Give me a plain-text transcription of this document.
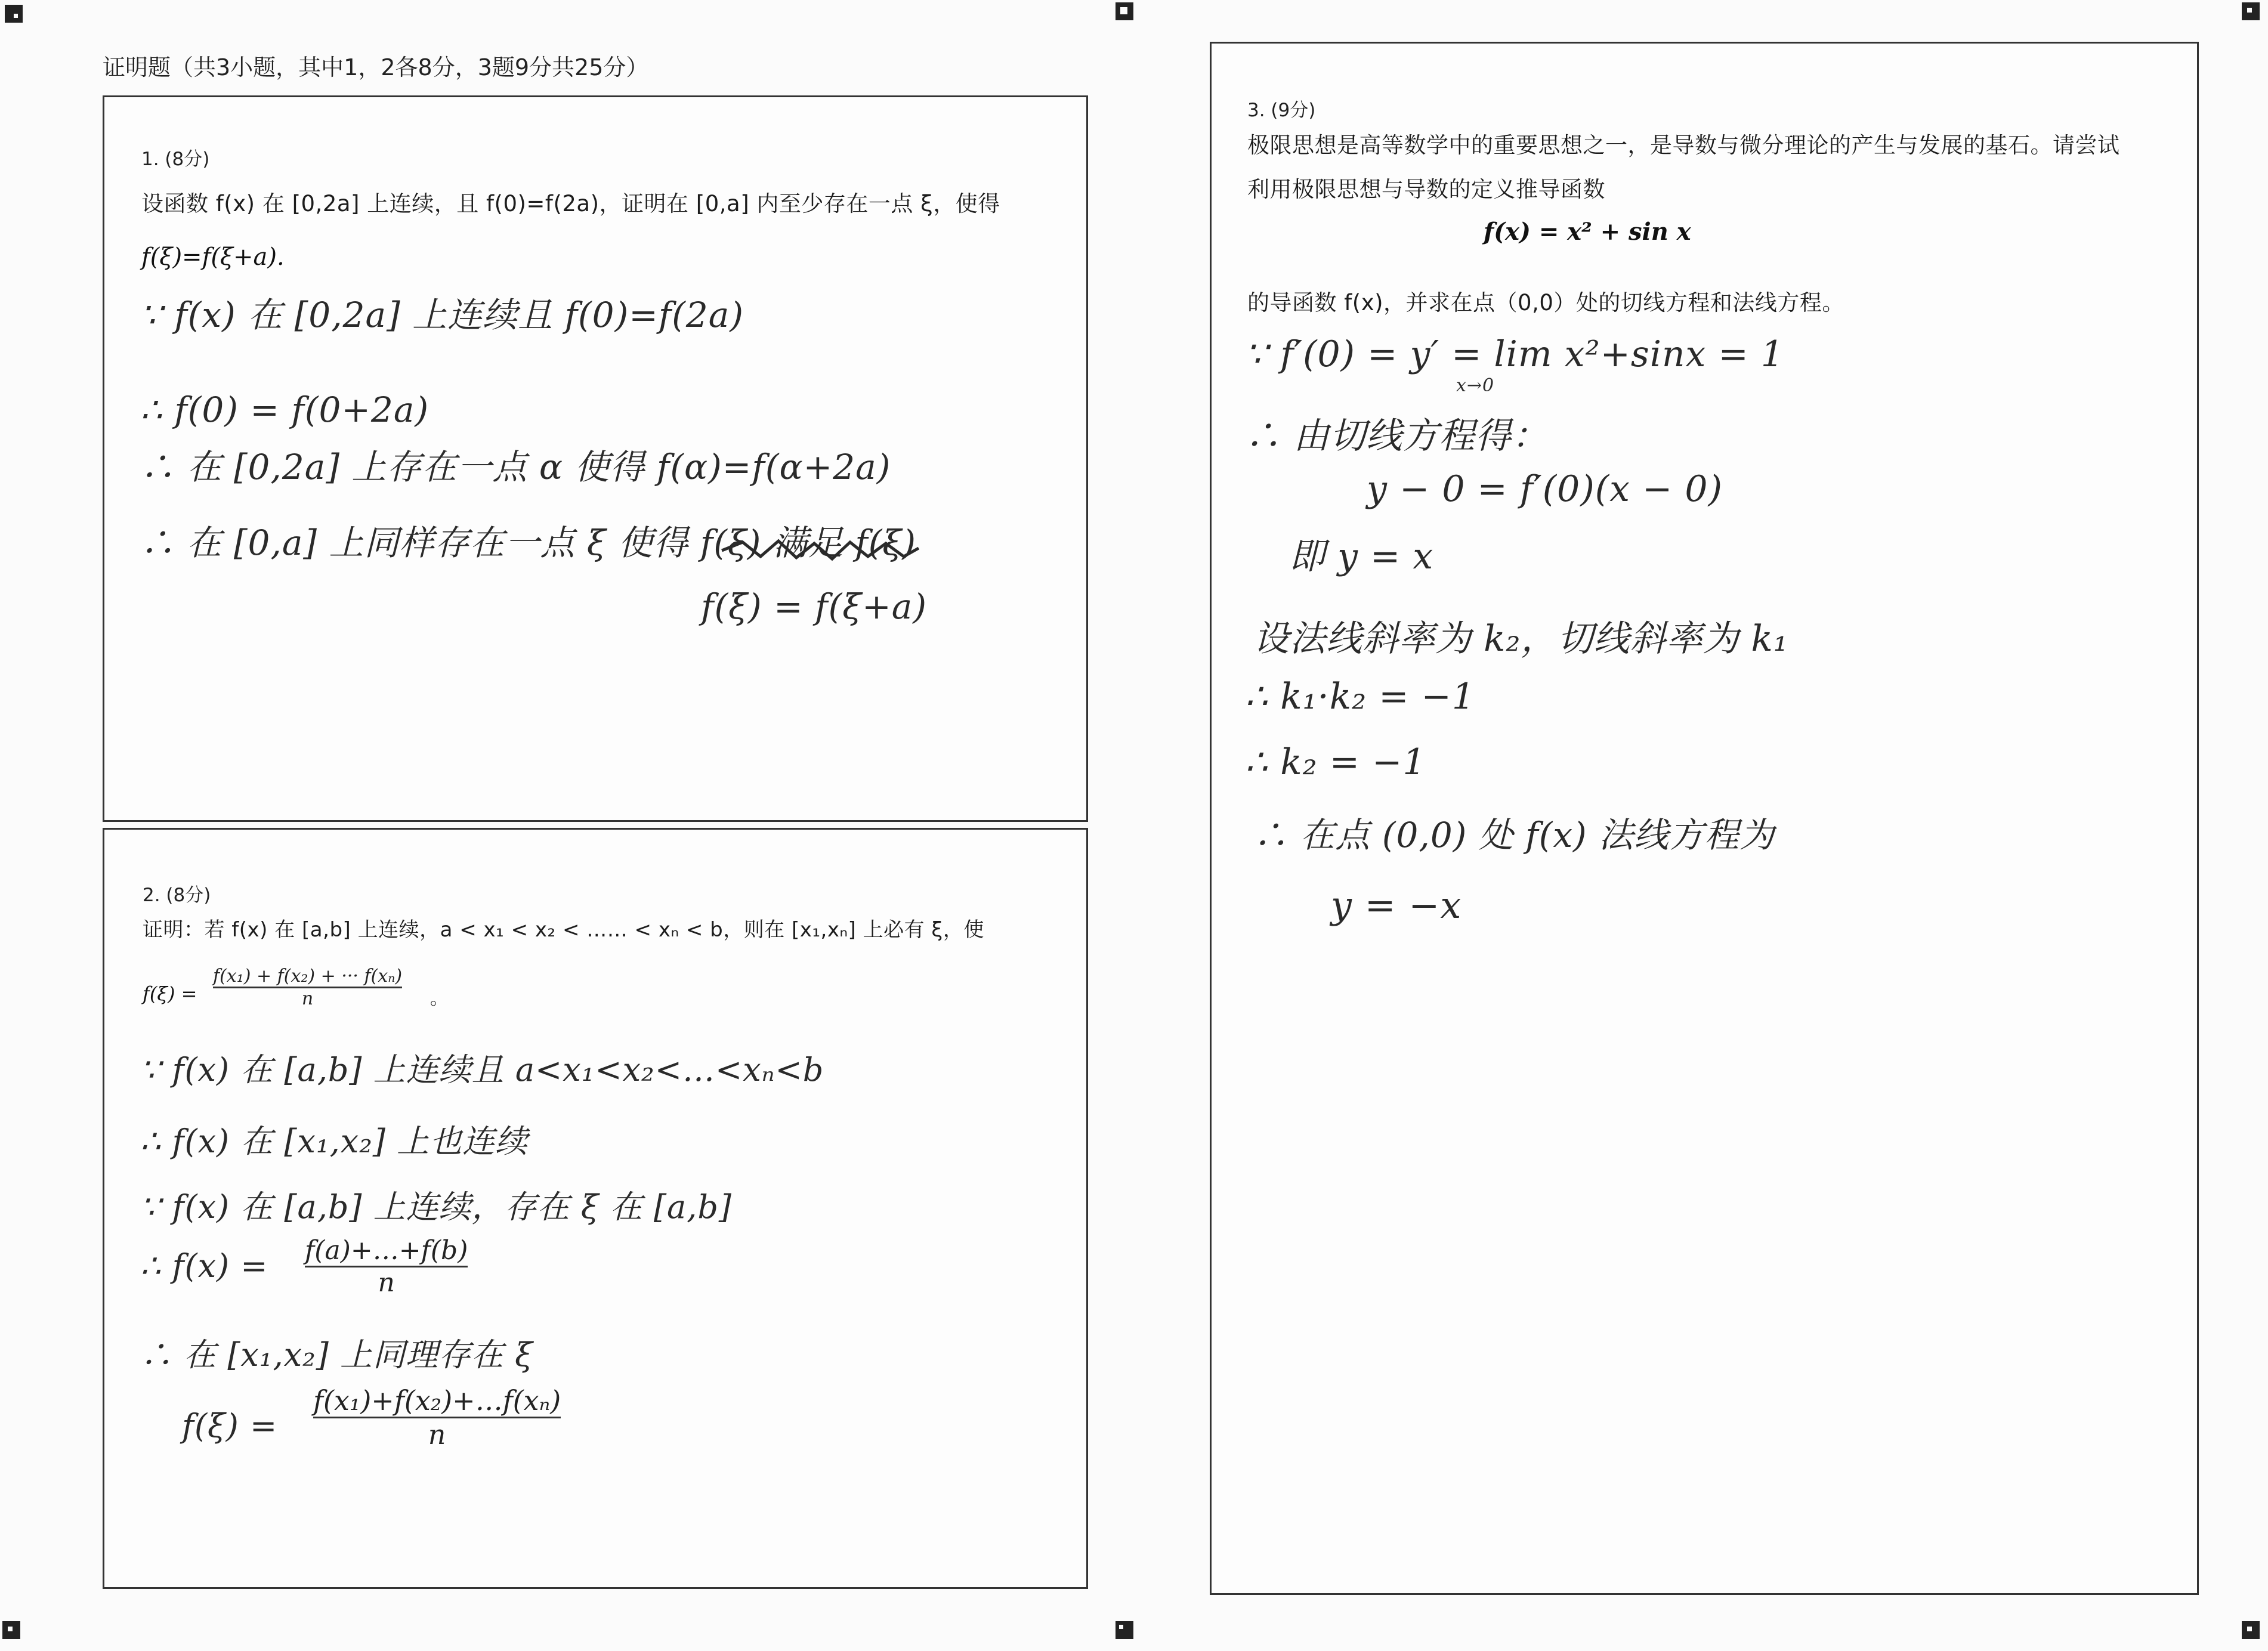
证明题（共3小题，其中1，2各8分，3题9分共25分）
1. (8分)
设函数 f(x) 在 [0,2a] 上连续，且 f(0)=f(2a)，证明在 [0,a] 内至少存在一点 ξ，使得
f(ξ)=f(ξ+a).
∵ f(x) 在 [0,2a] 上连续且 f(0)=f(2a)
∴ f(0) = f(0+2a)
∴ 在 [0,2a] 上存在一点 α 使得 f(α)=f(α+2a)
∴ 在 [0,a] 上同样存在一点 ξ 使得 f(ξ) 满足 f(ξ)
f(ξ) = f(ξ+a)
2. (8分)
证明：若 f(x) 在 [a,b] 上连续，a < x₁ < x₂ < …… < xₙ < b，则在 [x₁,xₙ] 上必有 ξ，使
$f(\xi) = \frac{\text{f(x₁) + f(x₂) + ··· f(xₙ)}}{n}$ 。
∵ f(x) 在 [a,b] 上连续且 a<x₁<x₂<…<xₙ<b
∴ f(x) 在 [x₁,x₂] 上也连续
∵ f(x) 在 [a,b] 上连续，存在 ξ 在 [a,b]
∴ $f(x) = \frac{f(a)+\dots+f(b)}{n}$
∴ 在 [x₁,x₂] 上同理存在 ξ
$f(\xi) = \frac{\text{f(x₁)+f(x₂)+…f(xₙ)}}{n}$
3. (9分)
极限思想是高等数学中的重要思想之一，是导数与微分理论的产生与发展的基石。请尝试
利用极限思想与导数的定义推导函数
f(x) = x² + sin x
的导函数 f(x)，并求在点（0,0）处的切线方程和法线方程。
∵ f′(0) = y′ = lim x²+sinx = 1
x→0
∴ 由切线方程得：
y − 0 = f′(0)(x − 0)
即 y = x
设法线斜率为 k₂，切线斜率为 k₁
∴ k₁·k₂ = −1
∴ k₂ = −1
∴ 在点 (0,0) 处 f(x) 法线方程为
y = −x
